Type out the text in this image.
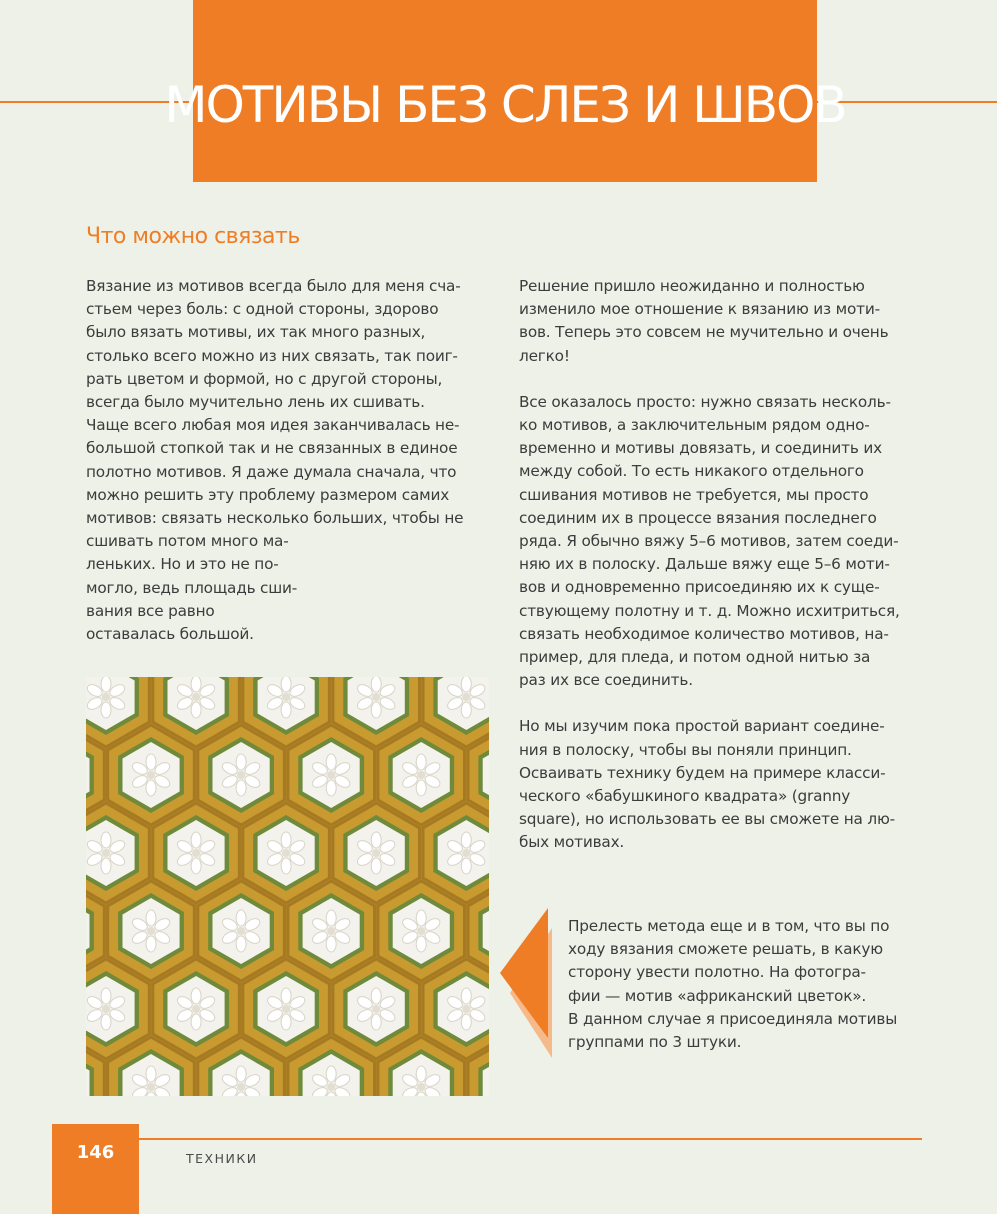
МОТИВЫ БЕЗ СЛЕЗ И ШВОВ
Что можно связать

Вязание из мотивов всегда было для меня сча-
стьем через боль: с одной стороны, здорово
было вязать мотивы, их так много разных,
столько всего можно из них связать, так поиг-
рать цветом и формой, но с другой стороны,
всегда было мучительно лень их сшивать.
Чаще всего любая моя идея заканчивалась не-
большой стопкой так и не связанных в единое
полотно мотивов. Я даже думала сначала, что
можно решить эту проблему размером самих
мотивов: связать несколько больших, чтобы не
сшивать потом много ма-
леньких. Но и это не по-
могло, ведь площадь сши-
вания все равно
оставалась большой.

Решение пришло неожиданно и полностью
изменило мое отношение к вязанию из моти-
вов. Теперь это совсем не мучительно и очень
легко!

Все оказалось просто: нужно связать несколь-
ко мотивов, а заключительным рядом одно-
временно и мотивы довязать, и соединить их
между собой. То есть никакого отдельного
сшивания мотивов не требуется, мы просто
соединим их в процессе вязания последнего
ряда. Я обычно вяжу 5–6 мотивов, затем соеди-
няю их в полоску. Дальше вяжу еще 5–6 моти-
вов и одновременно присоединяю их к суще-
ствующему полотну и т. д. Можно исхитриться,
связать необходимое количество мотивов, на-
пример, для пледа, и потом одной нитью за
раз их все соединить.

Но мы изучим пока простой вариант соедине-
ния в полоску, чтобы вы поняли принцип.
Осваивать технику будем на примере класси-
ческого «бабушкиного квадрата» (granny
square), но использовать ее вы сможете на лю-
бых мотивах.

Прелесть метода еще и в том, что вы по
ходу вязания сможете решать, в какую
сторону увести полотно. На фотогра-
фии — мотив «африканский цветок».
В данном случае я присоединяла мотивы
группами по 3 штуки.
146	ТЕХНИКИ
